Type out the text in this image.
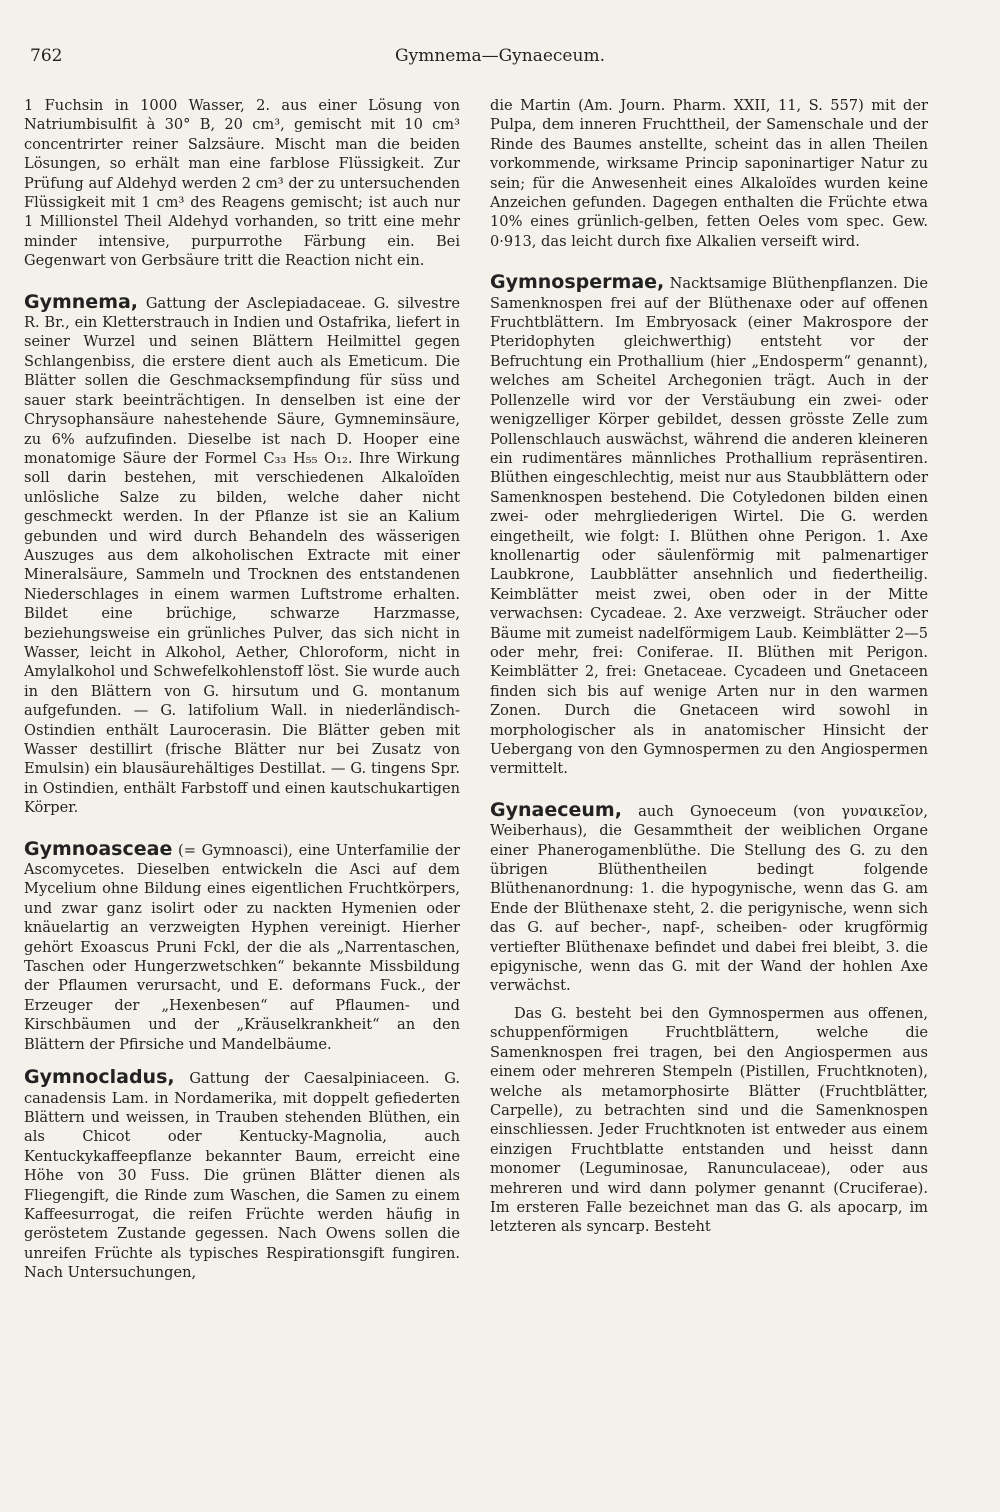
762	Gymnema—Gynaeceum.

1 Fuchsin in 1000 Wasser, 2. aus einer Lösung von Natriumbisulfit à 30° B, 20 cm³, gemischt mit 10 cm³ concentrirter reiner Salzsäure. Mischt man die beiden Lösungen, so erhält man eine farblose Flüssigkeit. Zur Prüfung auf Aldehyd werden 2 cm³ der zu untersuchenden Flüssigkeit mit 1 cm³ des Reagens gemischt; ist auch nur 1 Millionstel Theil Aldehyd vorhanden, so tritt eine mehr minder intensive, purpurrothe Färbung ein. Bei Gegenwart von Gerbsäure tritt die Reaction nicht ein.

Gymnema, Gattung der Asclepiadaceae. G. silvestre R. Br., ein Kletterstrauch in Indien und Ostafrika, liefert in seiner Wurzel und seinen Blättern Heilmittel gegen Schlangenbiss, die erstere dient auch als Emeticum. Die Blätter sollen die Geschmacksempfindung für süss und sauer stark beeinträchtigen. In denselben ist eine der Chrysophansäure nahestehende Säure, Gymneminsäure, zu 6% aufzufinden. Dieselbe ist nach D. Hooper eine monatomige Säure der Formel C₃₃ H₅₅ O₁₂. Ihre Wirkung soll darin bestehen, mit verschiedenen Alkaloïden unlösliche Salze zu bilden, welche daher nicht geschmeckt werden. In der Pflanze ist sie an Kalium gebunden und wird durch Behandeln des wässerigen Auszuges aus dem alkoholischen Extracte mit einer Mineralsäure, Sammeln und Trocknen des entstandenen Niederschlages in einem warmen Luftstrome erhalten. Bildet eine brüchige, schwarze Harzmasse, beziehungsweise ein grünliches Pulver, das sich nicht in Wasser, leicht in Alkohol, Aether, Chloroform, nicht in Amylalkohol und Schwefelkohlenstoff löst. Sie wurde auch in den Blättern von G. hirsutum und G. montanum aufgefunden. — G. latifolium Wall. in niederländisch-Ostindien enthält Laurocerasin. Die Blätter geben mit Wasser destillirt (frische Blätter nur bei Zusatz von Emulsin) ein blausäurehältiges Destillat. — G. tingens Spr. in Ostindien, enthält Farbstoff und einen kautschukartigen Körper.

Gymnoasceae (= Gymnoasci), eine Unterfamilie der Ascomycetes. Dieselben entwickeln die Asci auf dem Mycelium ohne Bildung eines eigentlichen Fruchtkörpers, und zwar ganz isolirt oder zu nackten Hymenien oder knäuelartig an verzweigten Hyphen vereinigt. Hierher gehört Exoascus Pruni Fckl, der die als „Narrentaschen, Taschen oder Hungerzwetschken“ bekannte Missbildung der Pflaumen verursacht, und E. deformans Fuck., der Erzeuger der „Hexenbesen“ auf Pflaumen- und Kirschbäumen und der „Kräuselkrankheit“ an den Blättern der Pfirsiche und Mandelbäume.

Gymnocladus, Gattung der Caesalpiniaceen. G. canadensis Lam. in Nordamerika, mit doppelt gefiederten Blättern und weissen, in Trauben stehenden Blüthen, ein als Chicot oder Kentucky-Magnolia, auch Kentuckykaffeepflanze bekannter Baum, erreicht eine Höhe von 30 Fuss. Die grünen Blätter dienen als Fliegengift, die Rinde zum Waschen, die Samen zu einem Kaffeesurrogat, die reifen Früchte werden häufig in geröstetem Zustande gegessen. Nach Owens sollen die unreifen Früchte als typisches Respirationsgift fungiren. Nach Untersuchungen,

die Martin (Am. Journ. Pharm. XXII, 11, S. 557) mit der Pulpa, dem inneren Fruchttheil, der Samenschale und der Rinde des Baumes anstellte, scheint das in allen Theilen vorkommende, wirksame Princip saponinartiger Natur zu sein; für die Anwesenheit eines Alkaloïdes wurden keine Anzeichen gefunden. Dagegen enthalten die Früchte etwa 10% eines grünlich-gelben, fetten Oeles vom spec. Gew. 0·913, das leicht durch fixe Alkalien verseift wird.

Gymnospermae, Nacktsamige Blüthenpflanzen. Die Samenknospen frei auf der Blüthenaxe oder auf offenen Fruchtblättern. Im Embryosack (einer Makrospore der Pteridophyten gleichwerthig) entsteht vor der Befruchtung ein Prothallium (hier „Endosperm“ genannt), welches am Scheitel Archegonien trägt. Auch in der Pollenzelle wird vor der Verstäubung ein zwei- oder wenigzelliger Körper gebildet, dessen grösste Zelle zum Pollenschlauch auswächst, während die anderen kleineren ein rudimentäres männliches Prothallium repräsentiren. Blüthen eingeschlechtig, meist nur aus Staubblättern oder Samenknospen bestehend. Die Cotyledonen bilden einen zwei- oder mehrgliederigen Wirtel. Die G. werden eingetheilt, wie folgt: I. Blüthen ohne Perigon. 1. Axe knollenartig oder säulenförmig mit palmenartiger Laubkrone, Laubblätter ansehnlich und fiedertheilig. Keimblätter meist zwei, oben oder in der Mitte verwachsen: Cycadeae. 2. Axe verzweigt. Sträucher oder Bäume mit zumeist nadelförmigem Laub. Keimblätter 2—5 oder mehr, frei: Coniferae. II. Blüthen mit Perigon. Keimblätter 2, frei: Gnetaceae. Cycadeen und Gnetaceen finden sich bis auf wenige Arten nur in den warmen Zonen. Durch die Gnetaceen wird sowohl in morphologischer als in anatomischer Hinsicht der Uebergang von den Gymnospermen zu den Angiospermen vermittelt.

Gynaeceum, auch Gynoeceum (von γυναικεῖον, Weiberhaus), die Gesammtheit der weiblichen Organe einer Phanerogamenblüthe. Die Stellung des G. zu den übrigen Blüthentheilen bedingt folgende Blüthenanordnung: 1. die hypogynische, wenn das G. am Ende der Blüthenaxe steht, 2. die perigynische, wenn sich das G. auf becher-, napf-, scheiben- oder krugförmig vertiefter Blüthenaxe befindet und dabei frei bleibt, 3. die epigynische, wenn das G. mit der Wand der hohlen Axe verwächst.

Das G. besteht bei den Gymnospermen aus offenen, schuppenförmigen Fruchtblättern, welche die Samenknospen frei tragen, bei den Angiospermen aus einem oder mehreren Stempeln (Pistillen, Fruchtknoten), welche als metamorphosirte Blätter (Fruchtblätter, Carpelle), zu betrachten sind und die Samenknospen einschliessen. Jeder Fruchtknoten ist entweder aus einem einzigen Fruchtblatte entstanden und heisst dann monomer (Leguminosae, Ranunculaceae), oder aus mehreren und wird dann polymer genannt (Cruciferae). Im ersteren Falle bezeichnet man das G. als apocarp, im letzteren als syncarp. Besteht
